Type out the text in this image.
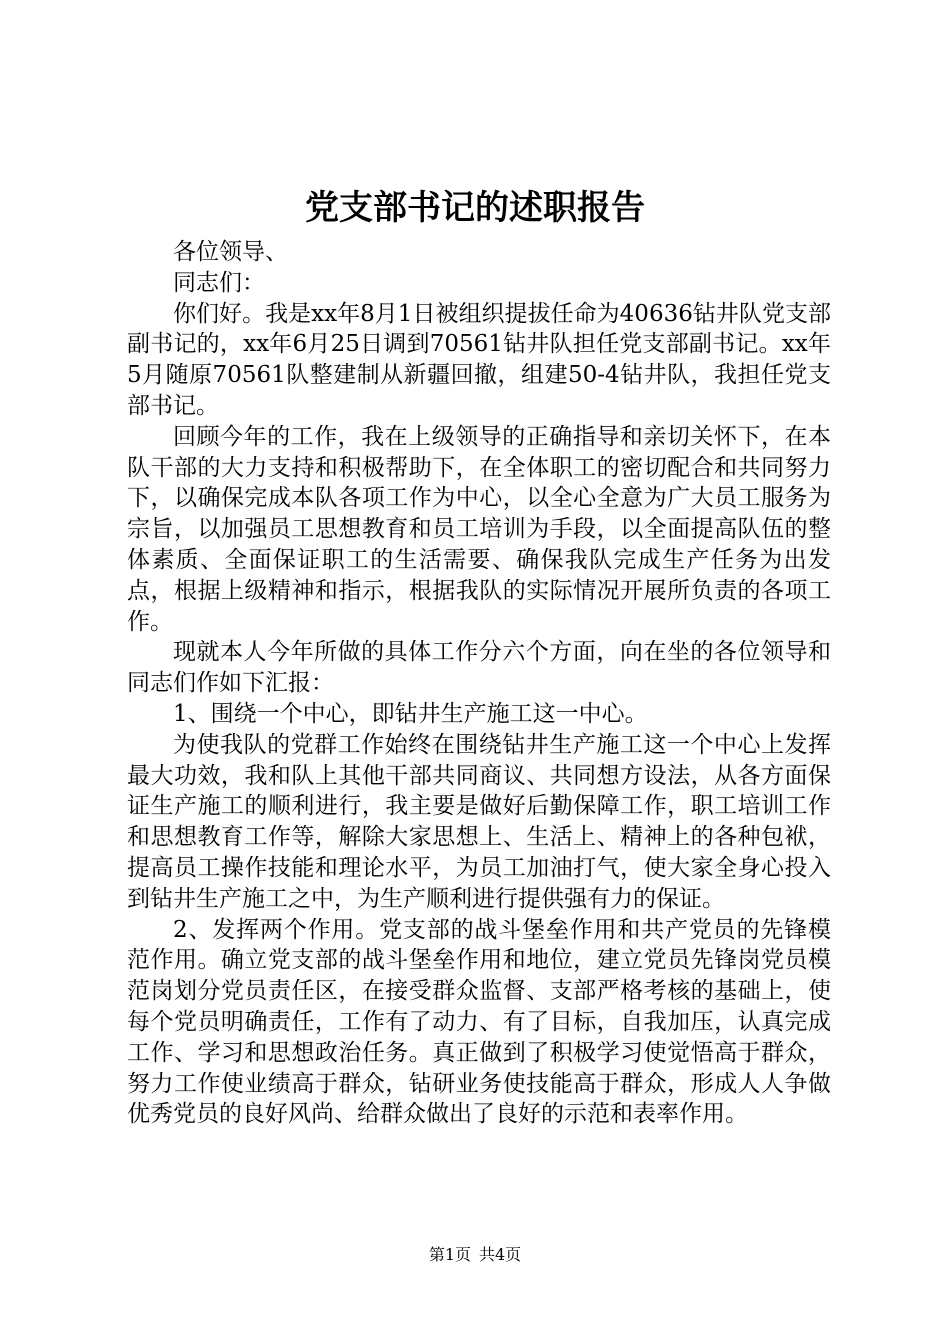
党支部书记的述职报告

各位领导、

同志们：

你们好。我是xx年8月1日被组织提拔任命为40636钻井队党支部副书记的，xx年6月25日调到70561钻井队担任党支部副书记。xx年5月随原70561队整建制从新疆回撤，组建50-4钻井队，我担任党支部书记。

回顾今年的工作，我在上级领导的正确指导和亲切关怀下，在本队干部的大力支持和积极帮助下，在全体职工的密切配合和共同努力下，以确保完成本队各项工作为中心，以全心全意为广大员工服务为宗旨，以加强员工思想教育和员工培训为手段，以全面提高队伍的整体素质、全面保证职工的生活需要、确保我队完成生产任务为出发点，根据上级精神和指示，根据我队的实际情况开展所负责的各项工作。

现就本人今年所做的具体工作分六个方面，向在坐的各位领导和同志们作如下汇报：

1、围绕一个中心，即钻井生产施工这一中心。

为使我队的党群工作始终在围绕钻井生产施工这一个中心上发挥最大功效，我和队上其他干部共同商议、共同想方设法，从各方面保证生产施工的顺利进行，我主要是做好后勤保障工作，职工培训工作和思想教育工作等，解除大家思想上、生活上、精神上的各种包袱，提高员工操作技能和理论水平，为员工加油打气，使大家全身心投入到钻井生产施工之中，为生产顺利进行提供强有力的保证。

2、发挥两个作用。党支部的战斗堡垒作用和共产党员的先锋模范作用。确立党支部的战斗堡垒作用和地位，建立党员先锋岗党员模范岗划分党员责任区，在接受群众监督、支部严格考核的基础上，使每个党员明确责任，工作有了动力、有了目标，自我加压，认真完成工作、学习和思想政治任务。真正做到了积极学习使觉悟高于群众，努力工作使业绩高于群众，钻研业务使技能高于群众，形成人人争做优秀党员的良好风尚、给群众做出了良好的示范和表率作用。

第1页 共4页
